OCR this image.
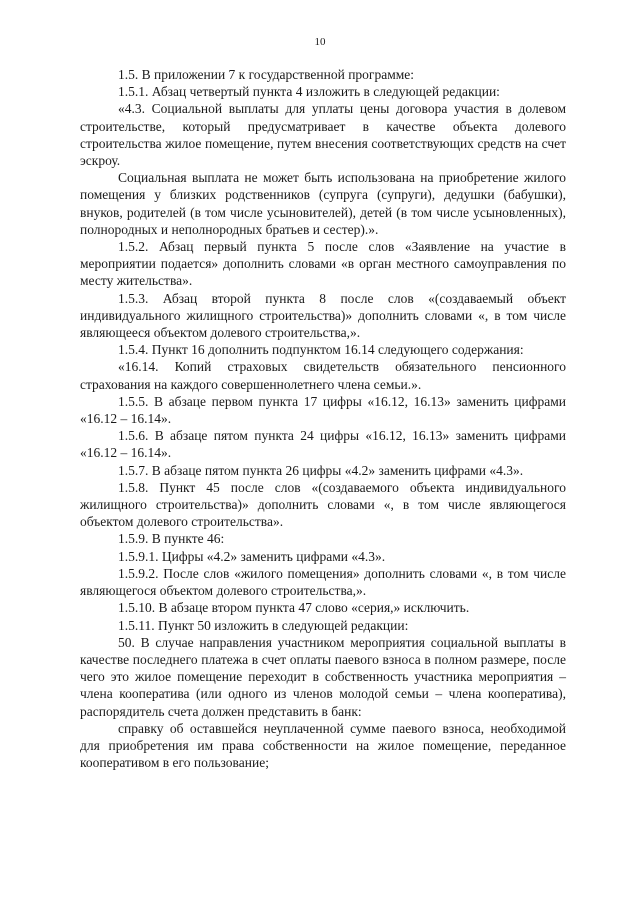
10

1.5. В приложении 7 к государственной программе:

1.5.1. Абзац четвертый пункта 4 изложить в следующей редакции:

«4.3. Социальной выплаты для уплаты цены договора участия в долевом строительстве, который предусматривает в качестве объекта долевого строительства жилое помещение, путем внесения соответствующих средств на счет эскроу.

Социальная выплата не может быть использована на приобретение жилого помещения у близких родственников (супруга (супруги), дедушки (бабушки), внуков, родителей (в том числе усыновителей), детей (в том числе усыновленных), полнородных и неполнородных братьев и сестер).».

1.5.2. Абзац первый пункта 5 после слов «Заявление на участие в мероприятии подается» дополнить словами «в орган местного самоуправления по месту жительства».

1.5.3. Абзац второй пункта 8 после слов «(создаваемый объект индивидуального жилищного строительства)» дополнить словами «, в том числе являющееся объектом долевого строительства,».

1.5.4. Пункт 16 дополнить подпунктом 16.14 следующего содержания:

«16.14. Копий страховых свидетельств обязательного пенсионного страхования на каждого совершеннолетнего члена семьи.».

1.5.5. В абзаце первом пункта 17 цифры «16.12, 16.13» заменить цифрами «16.12 – 16.14».

1.5.6. В абзаце пятом пункта 24 цифры «16.12, 16.13» заменить цифрами «16.12 – 16.14».

1.5.7. В абзаце пятом пункта 26 цифры «4.2» заменить цифрами «4.3».

1.5.8. Пункт 45 после слов «(создаваемого объекта индивидуального жилищного строительства)» дополнить словами «, в том числе являющегося объектом долевого строительства».

1.5.9. В пункте 46:

1.5.9.1. Цифры «4.2» заменить цифрами «4.3».

1.5.9.2. После слов «жилого помещения» дополнить словами «, в том числе являющегося объектом долевого строительства,».

1.5.10. В абзаце втором пункта 47 слово «серия,» исключить.

1.5.11. Пункт 50 изложить в следующей редакции:

50. В случае направления участником мероприятия социальной выплаты в качестве последнего платежа в счет оплаты паевого взноса в полном размере, после чего это жилое помещение переходит в собственность участника мероприятия – члена кооператива (или одного из членов молодой семьи – члена кооператива), распорядитель счета должен представить в банк:

справку об оставшейся неуплаченной сумме паевого взноса, необходимой для приобретения им права собственности на жилое помещение, переданное кооперативом в его пользование;
